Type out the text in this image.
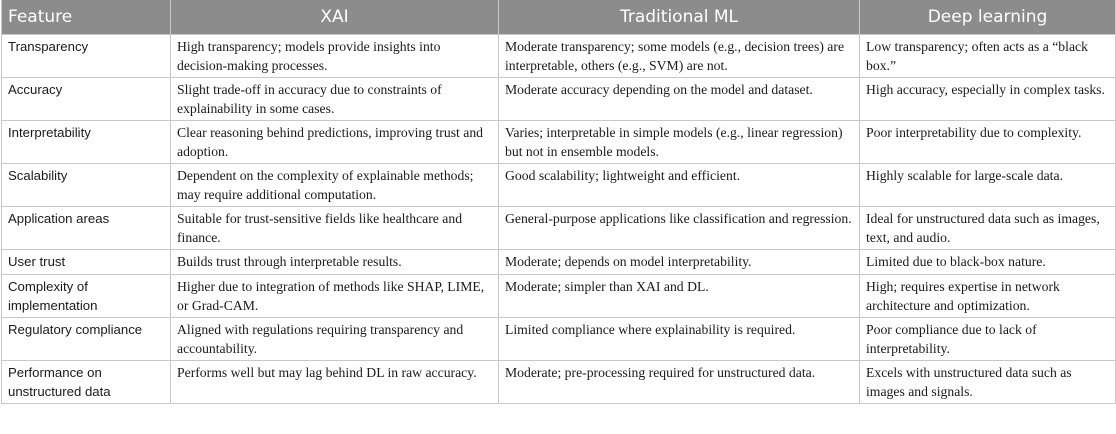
Feature	XAI	Traditional ML	Deep learning
Transparency	High transparency; models provide insights into decision-making processes.	Moderate transparency; some models (e.g., decision trees) are interpretable, others (e.g., SVM) are not.	Low transparency; often acts as a “black box.”
Accuracy	Slight trade-off in accuracy due to constraints of explainability in some cases.	Moderate accuracy depending on the model and dataset.	High accuracy, especially in complex tasks.
Interpretability	Clear reasoning behind predictions, improving trust and adoption.	Varies; interpretable in simple models (e.g., linear regression) but not in ensemble models.	Poor interpretability due to complexity.
Scalability	Dependent on the complexity of explainable methods; may require additional computation.	Good scalability; lightweight and efficient.	Highly scalable for large-scale data.
Application areas	Suitable for trust-sensitive fields like healthcare and finance.	General-purpose applications like classification and regression.	Ideal for unstructured data such as images, text, and audio.
User trust	Builds trust through interpretable results.	Moderate; depends on model interpretability.	Limited due to black-box nature.
Complexity of implementation	Higher due to integration of methods like SHAP, LIME, or Grad-CAM.	Moderate; simpler than XAI and DL.	High; requires expertise in network architecture and optimization.
Regulatory compliance	Aligned with regulations requiring transparency and accountability.	Limited compliance where explainability is required.	Poor compliance due to lack of interpretability.
Performance on unstructured data	Performs well but may lag behind DL in raw accuracy.	Moderate; pre-processing required for unstructured data.	Excels with unstructured data such as images and signals.
